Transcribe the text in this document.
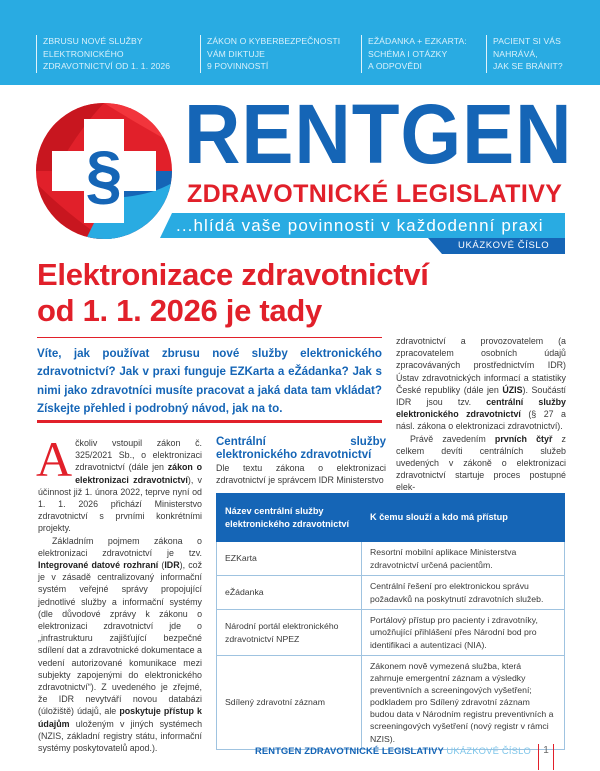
ZBRUSU NOVÉ SLUŽBY
ELEKTRONICKÉHO
ZDRAVOTNICTVÍ OD 1. 1. 2026
ZÁKON O KYBERBEZPEČNOSTI
VÁM DIKTUJE
9 POVINNOSTÍ
EŽÁDANKA + EZKARTA:
SCHÉMA I OTÁZKY
A ODPOVĚDI
PACIENT SI VÁS
NAHRÁVÁ,
JAK SE BRÁNIT?
§ RENTGEN
ZDRAVOTNICKÉ LEGISLATIVY
...hlídá vaše povinnosti v každodenní praxi
UKÁZKOVÉ ČÍSLO
Elektronizace zdravotnictví
od 1. 1. 2026 je tady

Víte, jak používat zbrusu nové služby elektronického zdravotnictví? Jak v praxi funguje EZKarta a eŽádanka? Jak s nimi jako zdravotníci musíte pracovat a jaká data tam vkládat? Získejte přehled i podrobný návod, jak na to.

Ačkoliv vstoupil zákon č. 325/2021 Sb., o elektronizaci zdravotnictví (dále jen zákon o elektronizaci zdravotnictví), v účinnost již 1. února 2022, teprve nyní od 1. 1. 2026 přichází Ministerstvo zdravotnictví s prvními konkrétními projekty.

Základním pojmem zákona o elektronizaci zdravotnictví je tzv. Integrované datové rozhraní (IDR), což je v zásadě centralizovaný informační systém veřejné správy propojující jednotlivé služby a informační systémy (dle důvodové zprávy k zákonu o elektronizaci zdravotnictví jde o „infrastrukturu zajišťující bezpečné sdílení dat a zdravotnické dokumentace a vedení autorizované komunikace mezi subjekty zapojenými do elektronického zdravotnictví“). Z uvedeného je zřejmé, že IDR nevytváří novou databázi (úložiště) údajů, ale poskytuje přístup k údajům uloženým v jiných systémech (NZIS, základní registry státu, informační systémy poskytovatelů apod.).

Centrální služby elektronického zdravotnictví

Dle textu zákona o elektronizaci zdravotnictví je správcem IDR Ministerstvo

zdravotnictví a provozovatelem (a zpracovatelem osobních údajů zpracovávaných prostřednictvím IDR) Ústav zdravotnických informací a statistiky České republiky (dále jen ÚZIS). Součástí IDR jsou tzv. centrální služby elektronického zdravotnictví (§ 27 a násl. zákona o elektronizaci zdravotnictví).

Právě zavedením prvních čtyř z celkem devíti centrálních služeb uvedených v zákoně o elektronizaci zdravotnictví startuje proces postupné elek-

Název centrální služby elektronického zdravotnictví	K čemu slouží a kdo má přístup
EZKarta	Resortní mobilní aplikace Ministerstva zdravotnictví určená pacientům.
eŽádanka	Centrální řešení pro elektronickou správu požadavků na poskytnutí zdravotních služeb.
Národní portál elektronického zdravotnictví NPEZ	Portálový přístup pro pacienty i zdravotníky, umožňující přihlášení přes Národní bod pro identifikaci a autentizaci (NIA).
Sdílený zdravotní záznam	Zákonem nově vymezená služba, která zahrnuje emergentní záznam a výsledky preventivních a screeningových vyšetření; podkladem pro Sdílený zdravotní záznam budou data v Národním registru preventivních a screeningových vyšetření (nový registr v rámci NZIS).
RENTGEN ZDRAVOTNICKÉ LEGISLATIVY UKÁZKOVÉ ČÍSLO	1
